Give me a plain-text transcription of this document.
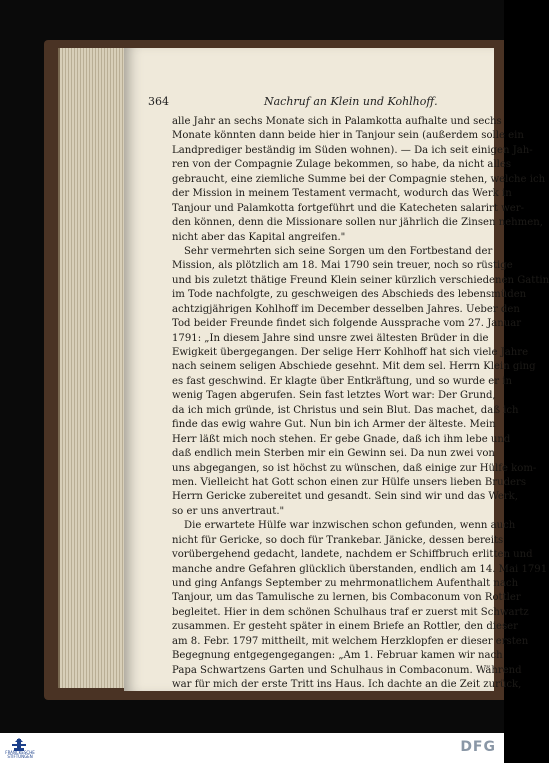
364	Nachruf an Klein und Kohlhoff.
alle Jahr an sechs Monate sich in Palamkotta aufhalte und sechs
Monate könnten dann beide hier in Tanjour sein (außerdem solle ein
Landprediger beständig im Süden wohnen). — Da ich seit einigen Jah-
ren von der Compagnie Zulage bekommen, so habe, da nicht alles
gebraucht, eine ziemliche Summe bei der Compagnie stehen, welche ich
der Mission in meinem Testament vermacht, wodurch das Werk in
Tanjour und Palamkotta fortgeführt und die Katecheten salarirt wer-
den können, denn die Missionare sollen nur jährlich die Zinsen nehmen,
nicht aber das Kapital angreifen."
Sehr vermehrten sich seine Sorgen um den Fortbestand der
Mission, als plötzlich am 18. Mai 1790 sein treuer, noch so rüstige
und bis zuletzt thätige Freund Klein seiner kürzlich verschiedenen Gattin
im Tode nachfolgte, zu geschweigen des Abschieds des lebensmüden
achtzigjährigen Kohlhoff im December desselben Jahres. Ueber den
Tod beider Freunde findet sich folgende Aussprache vom 27. Januar
1791: „In diesem Jahre sind unsre zwei ältesten Brüder in die
Ewigkeit übergegangen. Der selige Herr Kohlhoff hat sich viele Jahre
nach seinem seligen Abschiede gesehnt. Mit dem sel. Herrn Klein ging
es fast geschwind. Er klagte über Entkräftung, und so wurde er in
wenig Tagen abgerufen. Sein fast letztes Wort war: Der Grund,
da ich mich gründe, ist Christus und sein Blut. Das machet, daß ich
finde das ewig wahre Gut. Nun bin ich Armer der älteste. Mein
Herr läßt mich noch stehen. Er gebe Gnade, daß ich ihm lebe und
daß endlich mein Sterben mir ein Gewinn sei. Da nun zwei von
uns abgegangen, so ist höchst zu wünschen, daß einige zur Hülfe kom-
men. Vielleicht hat Gott schon einen zur Hülfe unsers lieben Bruders
Herrn Gericke zubereitet und gesandt. Sein sind wir und das Werk,
so er uns anvertraut."
Die erwartete Hülfe war inzwischen schon gefunden, wenn auch
nicht für Gericke, so doch für Trankebar. Jänicke, dessen bereits
vorübergehend gedacht, landete, nachdem er Schiffbruch erlitten und
manche andre Gefahren glücklich überstanden, endlich am 14. Mai 1791
und ging Anfangs September zu mehrmonatlichem Aufenthalt nach
Tanjour, um das Tamulische zu lernen, bis Combaconum von Rottler
begleitet. Hier in dem schönen Schulhaus traf er zuerst mit Schwartz
zusammen. Er gesteht später in einem Briefe an Rottler, den dieser
am 8. Febr. 1797 mittheilt, mit welchem Herzklopfen er dieser ersten
Begegnung entgegengegangen: „Am 1. Februar kamen wir nach
Papa Schwartzens Garten und Schulhaus in Combaconum. Während
war für mich der erste Tritt ins Haus. Ich dachte an die Zeit zurück,
FRANCKESCHE STIFTUNGEN
DFG
